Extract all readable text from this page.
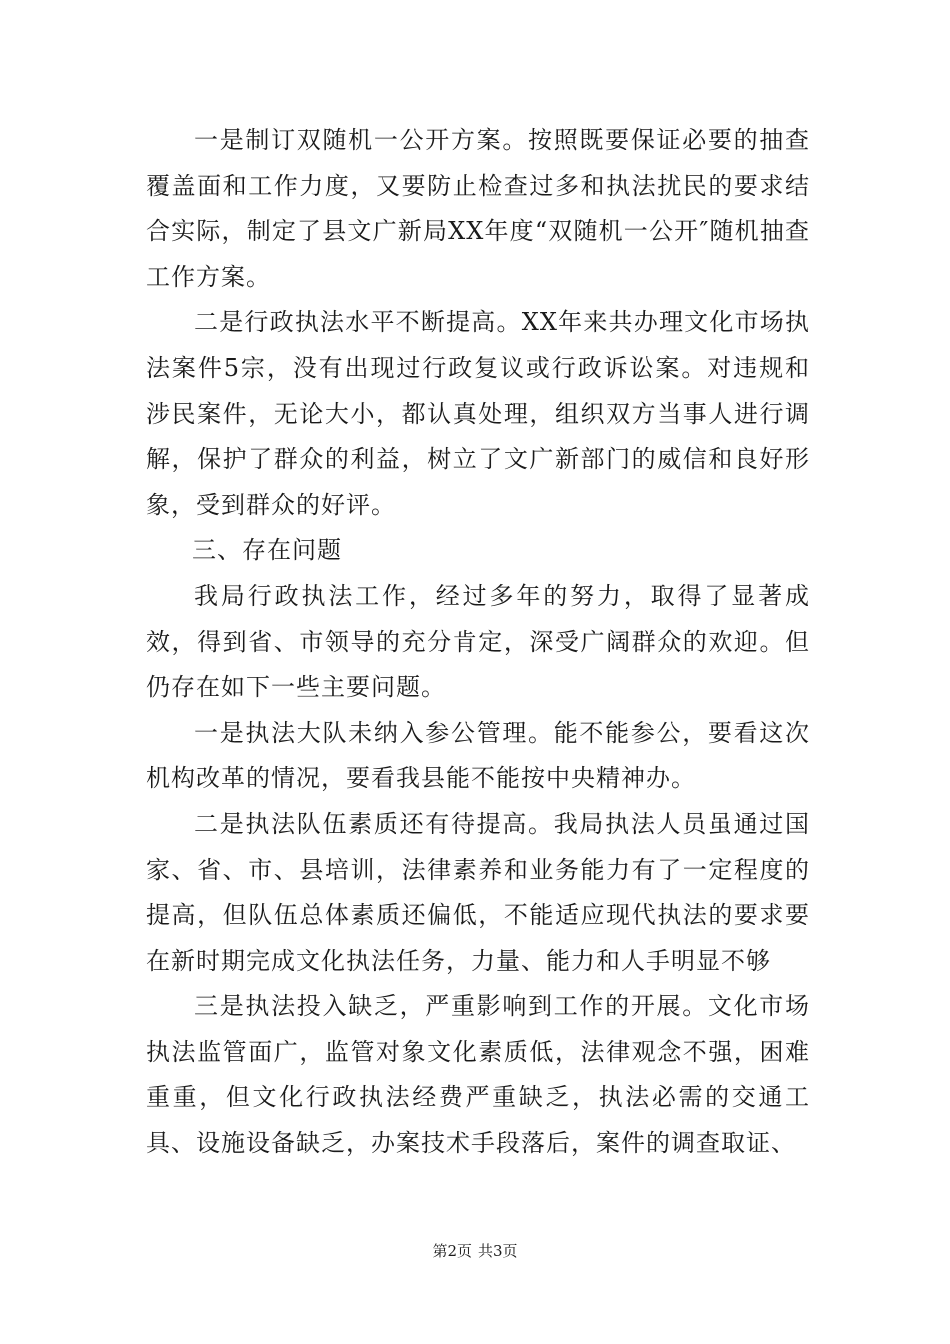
一是制订双随机一公开方案。按照既要保证必要的抽查覆盖面和工作力度，又要防止检查过多和执法扰民的要求结合实际，制定了县文广新局XX年度“双随机一公开″随机抽查工作方案。

二是行政执法水平不断提高。XX年来共办理文化市场执法案件5宗，没有出现过行政复议或行政诉讼案。对违规和涉民案件，无论大小，都认真处理，组织双方当事人进行调解，保护了群众的利益，树立了文广新部门的威信和良好形象，受到群众的好评。

三、存在问题

我局行政执法工作，经过多年的努力，取得了显著成效，得到省、市领导的充分肯定，深受广阔群众的欢迎。但仍存在如下一些主要问题。

一是执法大队未纳入参公管理。能不能参公，要看这次机构改革的情况，要看我县能不能按中央精神办。

二是执法队伍素质还有待提高。我局执法人员虽通过国家、省、市、县培训，法律素养和业务能力有了一定程度的提高，但队伍总体素质还偏低，不能适应现代执法的要求要在新时期完成文化执法任务，力量、能力和人手明显不够

三是执法投入缺乏，严重影响到工作的开展。文化市场执法监管面广，监管对象文化素质低，法律观念不强，困难重重，但文化行政执法经费严重缺乏，执法必需的交通工具、设施设备缺乏，办案技术手段落后，案件的调查取证、

第2页 共3页
